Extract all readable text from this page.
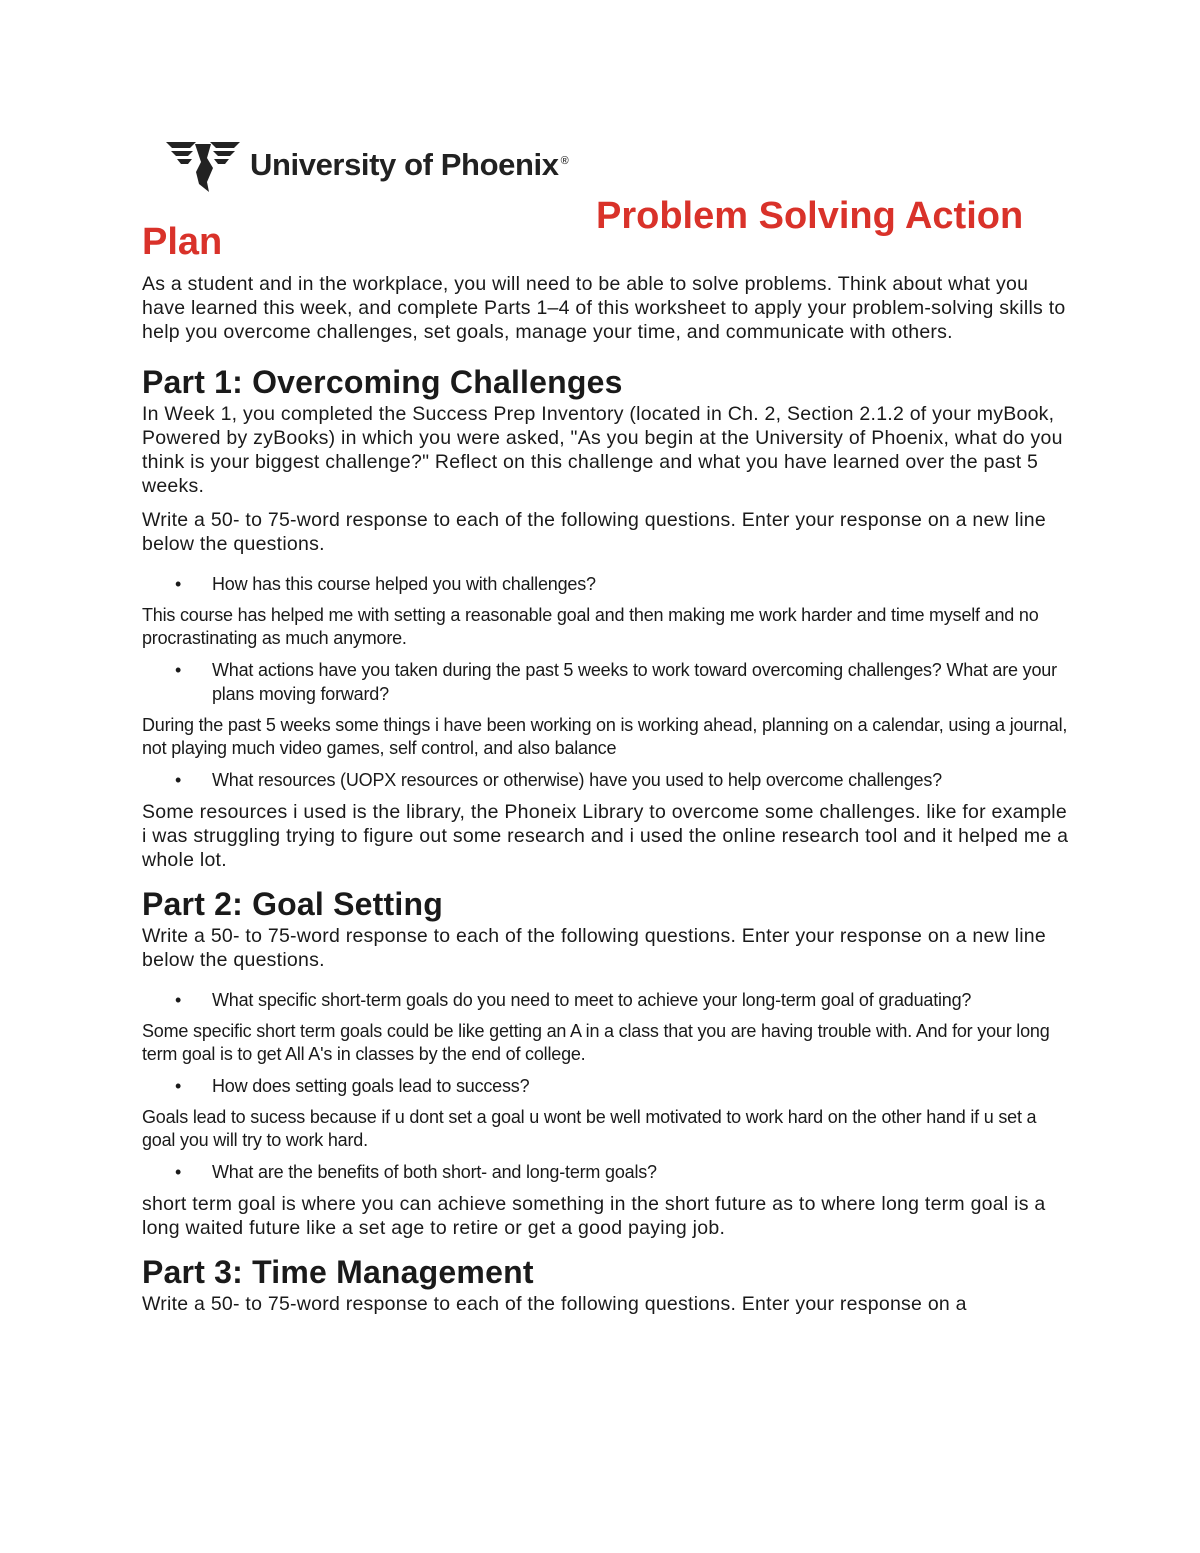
University of Phoenix ®
Problem Solving Action
Plan

As a student and in the workplace, you will need to be able to solve problems. Think about what you have learned this week, and complete Parts 1–4 of this worksheet to apply your problem-solving skills to help you overcome challenges, set goals, manage your time, and communicate with others.

Part 1: Overcoming Challenges

In Week 1, you completed the Success Prep Inventory (located in Ch. 2, Section 2.1.2 of your myBook, Powered by zyBooks) in which you were asked, "As you begin at the University of Phoenix, what do you think is your biggest challenge?" Reflect on this challenge and what you have learned over the past 5 weeks.

Write a 50- to 75-word response to each of the following questions. Enter your response on a new line below the questions.

•	How has this course helped you with challenges?

This course has helped me with setting a reasonable goal and then making me work harder and time myself and no procrastinating as much anymore.

•	What actions have you taken during the past 5 weeks to work toward overcoming challenges? What are your plans moving forward?

During the past 5 weeks some things i have been working on is working ahead, planning on a calendar, using a journal, not playing much video games, self control, and also balance

•	What resources (UOPX resources or otherwise) have you used to help overcome challenges?

Some resources i used is the library, the Phoneix Library to overcome some challenges. like for example i was struggling trying to figure out some research and i used the online research tool and it helped me a whole lot.

Part 2: Goal Setting

Write a 50- to 75-word response to each of the following questions. Enter your response on a new line below the questions.

•	What specific short-term goals do you need to meet to achieve your long-term goal of graduating?

Some specific short term goals could be like getting an A in a class that you are having trouble with. And for your long term goal is to get All A's in classes by the end of college.

•	How does setting goals lead to success?

Goals lead to sucess because if u dont set a goal u wont be well motivated to work hard on the other hand if u set a goal you will try to work hard.

•	What are the benefits of both short- and long-term goals?

short term goal is where you can achieve something in the short future as to where long term goal is a long waited future like a set age to retire or get a good paying job.

Part 3: Time Management

Write a 50- to 75-word response to each of the following questions. Enter your response on a
